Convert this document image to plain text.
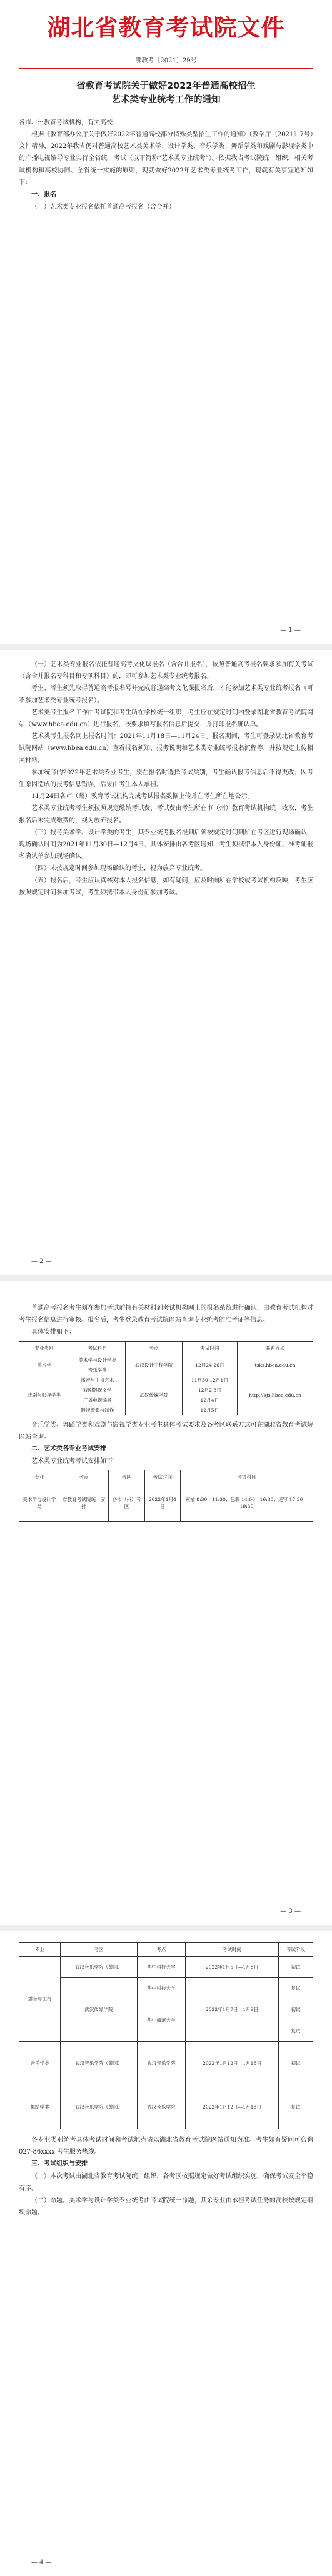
湖北省教育考试院文件
鄂教考〔2021〕29号
省教育考试院关于做好2022年普通高校招生
艺术类专业统考工作的通知
各市、州教育考试机构，有关高校：
根据《教育部办公厅关于做好2022年普通高校部分特殊类型招生工作的通知》（教学厅〔2021〕7号）文件精神，2022年我省仍对普通高校艺术类美术学、设计学类、音乐学类、舞蹈学类和戏剧与影视学类中的广播电视编导专业实行全省统一考试（以下简称“艺术类专业统考”）。依据我省考试院统一组织，相关考试机构和高校协同、全省统一实施的原则，现就做好2022年艺术类专业统考工作，现就有关事宜通知如下：
一、报名
（一）艺术类专业报名依托普通高考报名（含合并）
— 1 —
（一）艺术类专业报名依托普通高考文化课报名（含合并报名），按照普通高考报名要求参加有关考试（含合并报名专科目和专项科目）的，即可参加艺术类专业统考报名。
考生、考生须先取得普通高考报名号并完成普通高考文化课报名后，才能参加艺术类专业统考报名（可不参加艺术类专业统考报名）。
艺术类考生报名工作由考试院和考生所在学校统一组织，考生应在规定时间内登录湖北省教育考试院网站（www.hbea.edu.cn）进行报名，按要求填写报名信息后提交，并打印报名确认单。
艺术类考生报名网上报名时间：2021年11月18日—11月24日。报名期间，考生可登录湖北省教育考试院网站（www.hbea.edu.cn）查看报名须知、报考说明和艺术类专业统考报名流程等，并按规定上传相关材料。
参加统考的2022年艺术类专业考生，须在报名时选择考试类别，考生确认报考信息后不得更改；因考生原因造成的报考信息错误，后果由考生本人承担。
11月24日各市（州）教育考试机构完成考试报名数据上传并在考生所在地公示。
艺术类专业统考考生须按照规定缴纳考试费，考试费由考生所在市（州）教育考试机构统一收取，考生报名后未完成缴费的，视为放弃报名。
（三）报考美术学、设计学类的考生，其专业统考报名报到后须按规定时间到所在考区进行现场确认，现场确认时间为2021年11月30日—12月4日，具体安排由各考区通知，考生须携带本人身份证、准考证报名确认单参加现场确认。
（四）未按规定时间参加现场确认的考生，视为放弃专业统考。
（五）报名后，考生应认真核对本人报名信息，如有疑问，应及时向所在学校或考试机构反映，考生应按照规定时间参加考试，考生须携带本人身份证参加考试。
— 2 —
普通高考报名考生须在参加考试前持有关材料到考试机构网上的报名系统进行确认，由教育考试机构对考生报名信息进行审核。报名后，考生登录教育考试院网站查询专业统考的准考证等信息。
具体安排如下：
专业类别	考试科目	考点	考试时间	联系方式
美术学	美术学与设计学类	武汉设计工程学院	12月24-26日	tsks.hbea.edu.cn
	音乐学类			
戏剧与影视学类	播音与主持艺术	武汉传媒学院	11月30-12月1日	http://kjs.hbea.edu.cn
	戏剧影视文学		12月2-3日	
	广播电视编导		12月4日	
	影视摄影与制作		12月5日	
音乐学类、舞蹈学类和戏剧与影视学类专业考生具体考试要求及各考区联系方式可在湖北省教育考试院网站查询。
二、艺术类各专业考试安排
艺术类专业统考考试安排如下：
专业	考点	考区	考试时间	考试科目
美术学与设计学类	省教育考试院统一安排	各市（州）考区	2022年1月4日	素描 8:30—11:30；色彩 14:00—16:30；速写 17:30—19:30
— 3 —
专业	考区	考点	考试时间	考试阶段
播音与主持	武汉音乐学院（黄冈）	华中科技大学	2022年1月5日—1月8日	初试
	武汉传媒学院	华中科技大学	2022年1月7日—1月9日	复试
		华中师范大学		初试
				复试
音乐学类	武汉音乐学院（黄冈）	武汉音乐学院	2022年1月12日—1月18日	初试
舞蹈学类	武汉音乐学院（黄冈）	武汉音乐学院	2022年1月12日—1月18日	复试
各专业类别统考具体考试时间和考试地点请以湖北省教育考试院网站通知为准。考生如有疑问可咨询 027-86xxxx 考生服务热线。
三、考试组织与安排
（一）本次考试由湖北省教育考试院统一组织，各考区按照规定做好考试组织实施，确保考试安全平稳有序。
（二）命题。美术学与设计学类专业统考由考试院统一命题，其余专业由承担考试任务的高校按规定组织命题。
— 4 —
